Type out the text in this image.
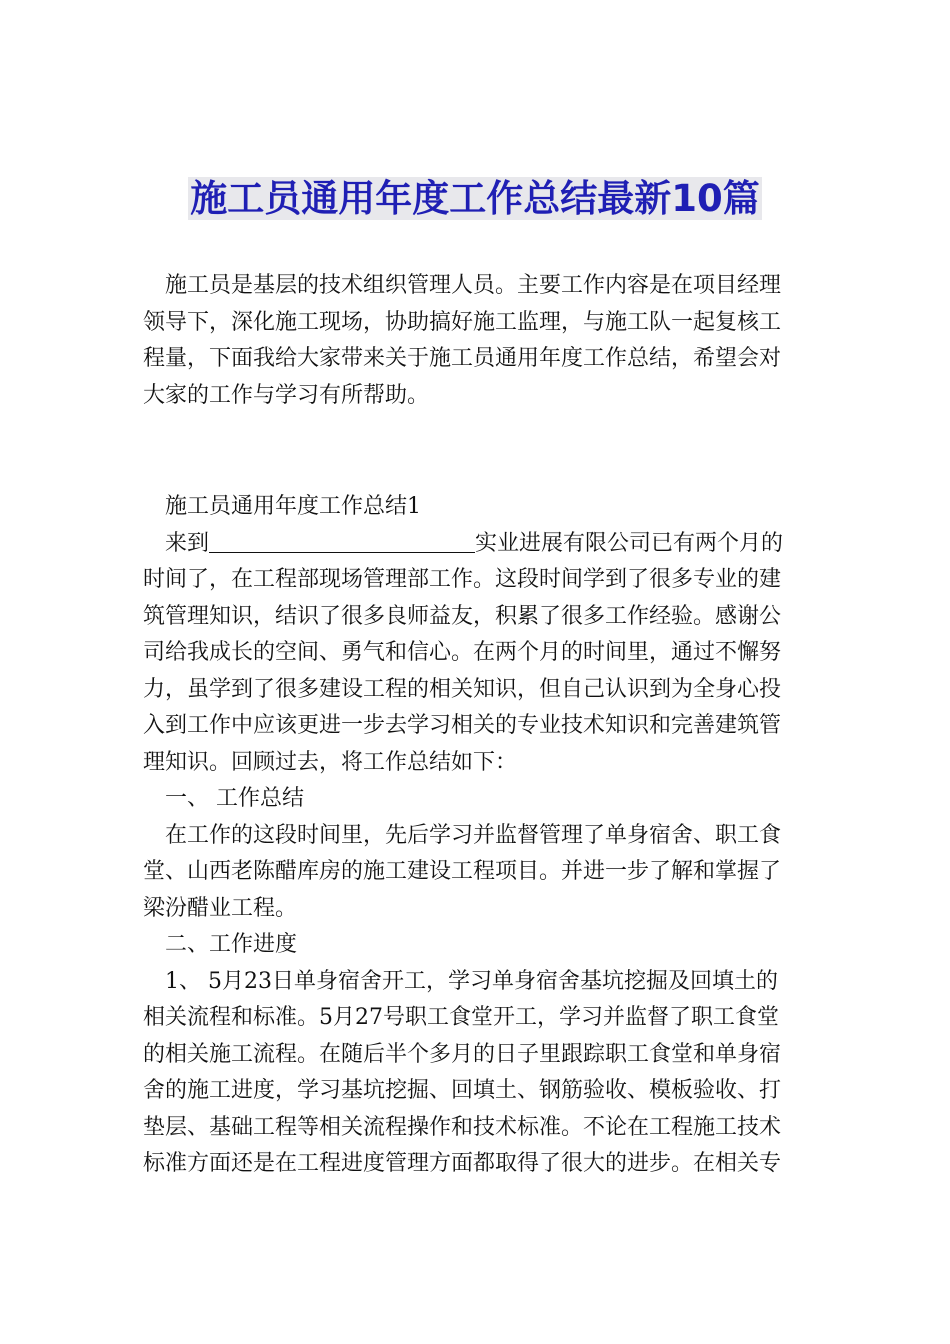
施工员通用年度工作总结最新10篇
　施工员是基层的技术组织管理人员。主要工作内容是在项目经理
领导下，深化施工现场，协助搞好施工监理，与施工队一起复核工
程量，下面我给大家带来关于施工员通用年度工作总结，希望会对
大家的工作与学习有所帮助。
　施工员通用年度工作总结1
　来到	实业进展有限公司已有两个月的
时间了，在工程部现场管理部工作。这段时间学到了很多专业的建
筑管理知识，结识了很多良师益友，积累了很多工作经验。感谢公
司给我成长的空间、勇气和信心。在两个月的时间里，通过不懈努
力，虽学到了很多建设工程的相关知识，但自己认识到为全身心投
入到工作中应该更进一步去学习相关的专业技术知识和完善建筑管
理知识。回顾过去，将工作总结如下：
　一、 工作总结
　在工作的这段时间里，先后学习并监督管理了单身宿舍、职工食
堂、山西老陈醋库房的施工建设工程项目。并进一步了解和掌握了
梁汾醋业工程。
　二、工作进度
　1、 5月23日单身宿舍开工，学习单身宿舍基坑挖掘及回填土的
相关流程和标准。5月27号职工食堂开工，学习并监督了职工食堂
的相关施工流程。在随后半个多月的日子里跟踪职工食堂和单身宿
舍的施工进度，学习基坑挖掘、回填土、钢筋验收、模板验收、打
垫层、基础工程等相关流程操作和技术标准。不论在工程施工技术
标准方面还是在工程进度管理方面都取得了很大的进步。在相关专
